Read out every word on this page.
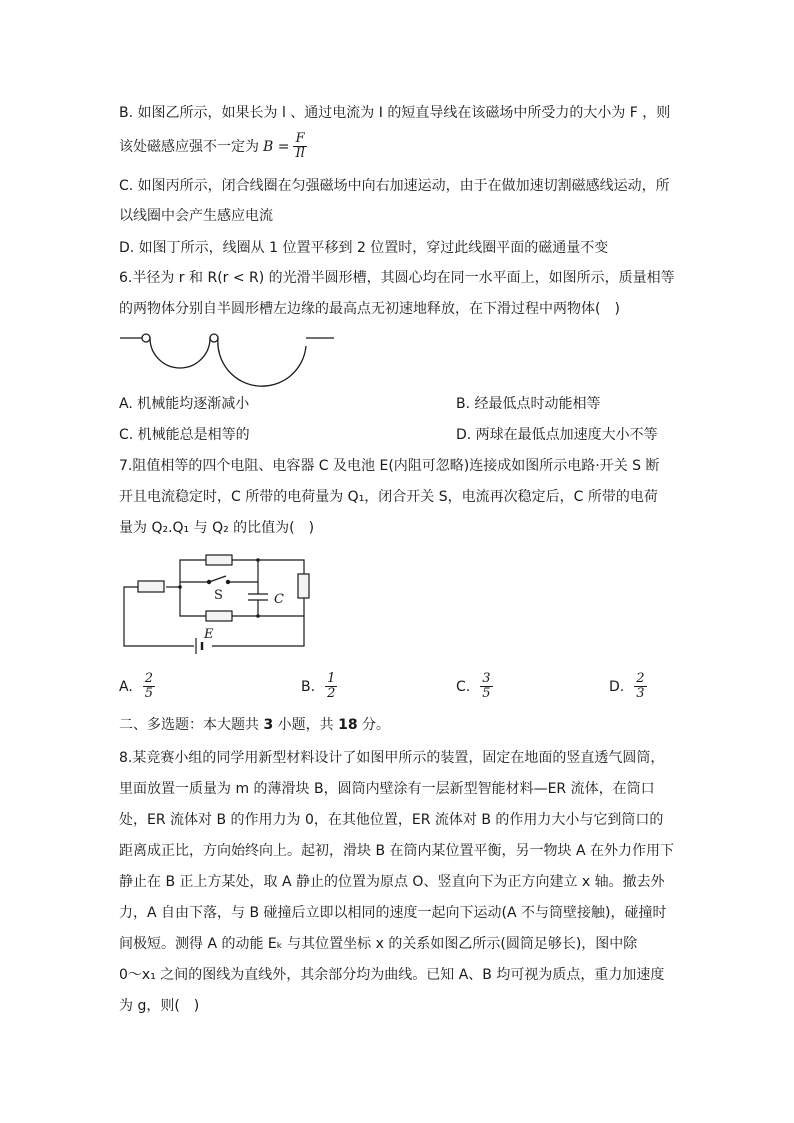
B. 如图乙所示，如果长为 l 、通过电流为 I 的短直导线在该磁场中所受力的大小为 F ，则
该处磁感应强不一定为 $B = \frac{F}{Il}$
C. 如图丙所示，闭合线圈在匀强磁场中向右加速运动，由于在做加速切割磁感线运动，所
以线圈中会产生感应电流
D. 如图丁所示，线圈从 1 位置平移到 2 位置时，穿过此线圈平面的磁通量不变
6.半径为 r 和 R(r < R) 的光滑半圆形槽，其圆心均在同一水平面上，如图所示，质量相等
的两物体分别自半圆形槽左边缘的最高点无初速地释放，在下滑过程中两物体(　)
A. 机械能均逐渐减小	B. 经最低点时动能相等
C. 机械能总是相等的	D. 两球在最低点加速度大小不等
7.阻值相等的四个电阻、电容器 C 及电池 E(内阻可忽略)连接成如图所示电路·开关 S 断
开且电流稳定时，C 所带的电荷量为 Q₁，闭合开关 S，电流再次稳定后，C 所带的电荷
量为 Q₂.Q₁ 与 Q₂ 的比值为(　)
S	C
E
A. $\frac{2}{5}$	B. $\frac{1}{2}$	C. $\frac{3}{5}$	D. $\frac{2}{3}$
二、多选题：本大题共 3 小题，共 18 分。
8.某竞赛小组的同学用新型材料设计了如图甲所示的装置，固定在地面的竖直透气圆筒，
里面放置一质量为 m 的薄滑块 B，圆筒内壁涂有一层新型智能材料—ER 流体，在筒口
处，ER 流体对 B 的作用力为 0，在其他位置，ER 流体对 B 的作用力大小与它到筒口的
距离成正比，方向始终向上。起初，滑块 B 在筒内某位置平衡，另一物块 A 在外力作用下
静止在 B 正上方某处，取 A 静止的位置为原点 O、竖直向下为正方向建立 x 轴。撤去外
力，A 自由下落，与 B 碰撞后立即以相同的速度一起向下运动(A 不与筒壁接触)，碰撞时
间极短。测得 A 的动能 Eₖ 与其位置坐标 x 的关系如图乙所示(圆筒足够长)，图中除
0～x₁ 之间的图线为直线外，其余部分均为曲线。已知 A、B 均可视为质点，重力加速度
为 g，则(　)
